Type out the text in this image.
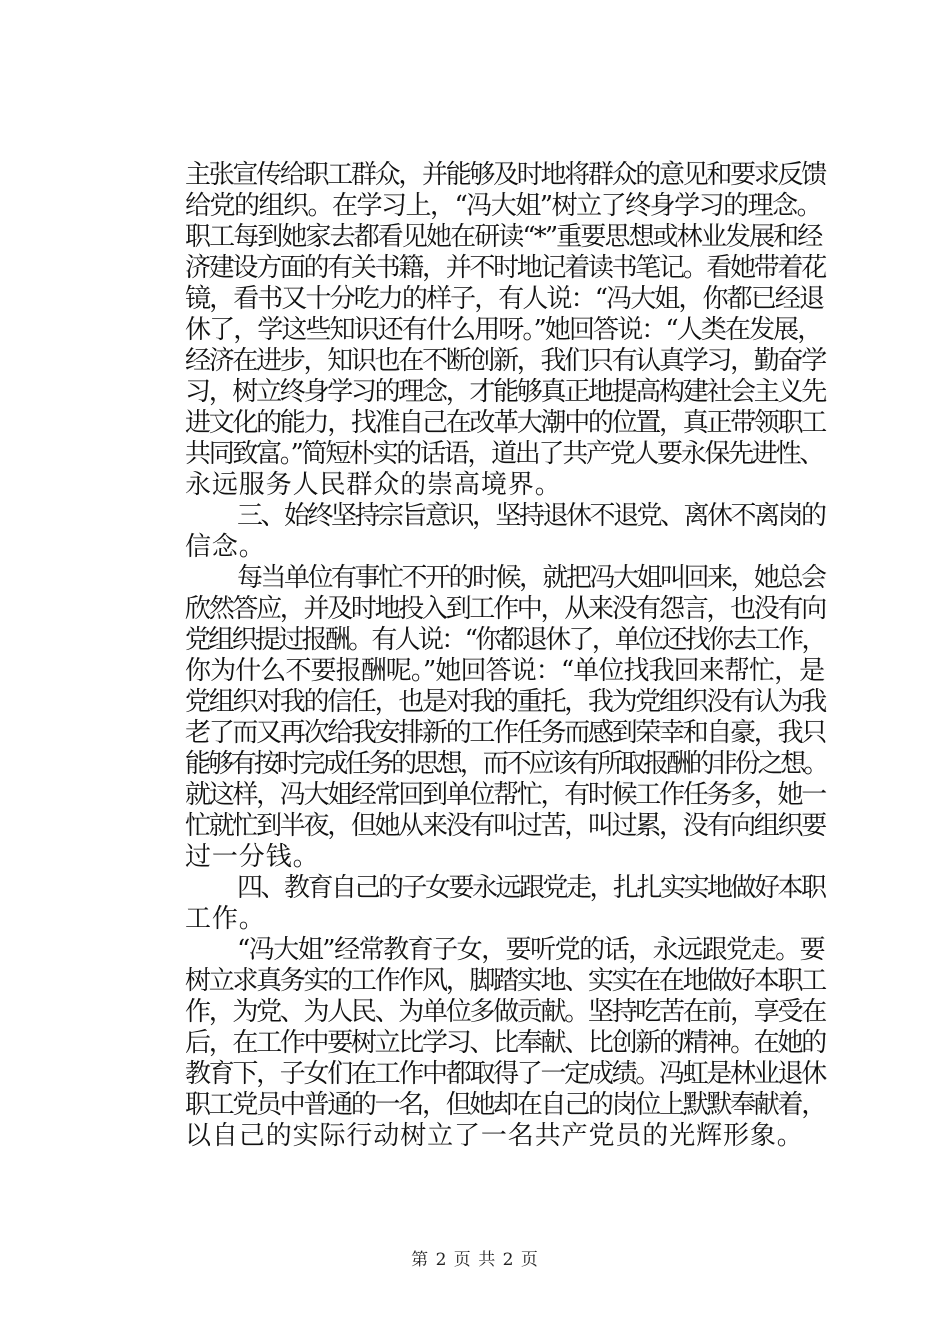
主张宣传给职工群众，并能够及时地将群众的意见和要求反馈
给党的组织。在学习上，“冯大姐”树立了终身学习的理念。
职工每到她家去都看见她在研读“*”重要思想或林业发展和经
济建设方面的有关书籍，并不时地记着读书笔记。看她带着花
镜，看书又十分吃力的样子，有人说：“冯大姐，你都已经退
休了，学这些知识还有什么用呀。”她回答说：“人类在发展，
经济在进步，知识也在不断创新，我们只有认真学习，勤奋学
习，树立终身学习的理念，才能够真正地提高构建社会主义先
进文化的能力，找准自己在改革大潮中的位置，真正带领职工
共同致富。”简短朴实的话语，道出了共产党人要永保先进性、
永远服务人民群众的崇高境界。
三、始终坚持宗旨意识，坚持退休不退党、离休不离岗的
信念。
每当单位有事忙不开的时候，就把冯大姐叫回来，她总会
欣然答应，并及时地投入到工作中，从来没有怨言，也没有向
党组织提过报酬。有人说：“你都退休了，单位还找你去工作，
你为什么不要报酬呢。”她回答说：“单位找我回来帮忙，是
党组织对我的信任，也是对我的重托，我为党组织没有认为我
老了而又再次给我安排新的工作任务而感到荣幸和自豪，我只
能够有按时完成任务的思想，而不应该有所取报酬的非份之想。
就这样，冯大姐经常回到单位帮忙，有时候工作任务多，她一
忙就忙到半夜，但她从来没有叫过苦，叫过累，没有向组织要
过一分钱。
四、教育自己的子女要永远跟党走，扎扎实实地做好本职
工作。
“冯大姐”经常教育子女，要听党的话，永远跟党走。要
树立求真务实的工作作风，脚踏实地、实实在在地做好本职工
作，为党、为人民、为单位多做贡献。坚持吃苦在前，享受在
后，在工作中要树立比学习、比奉献、比创新的精神。在她的
教育下，子女们在工作中都取得了一定成绩。冯虹是林业退休
职工党员中普通的一名，但她却在自己的岗位上默默奉献着，
以自己的实际行动树立了一名共产党员的光辉形象。
第 2 页 共 2 页
